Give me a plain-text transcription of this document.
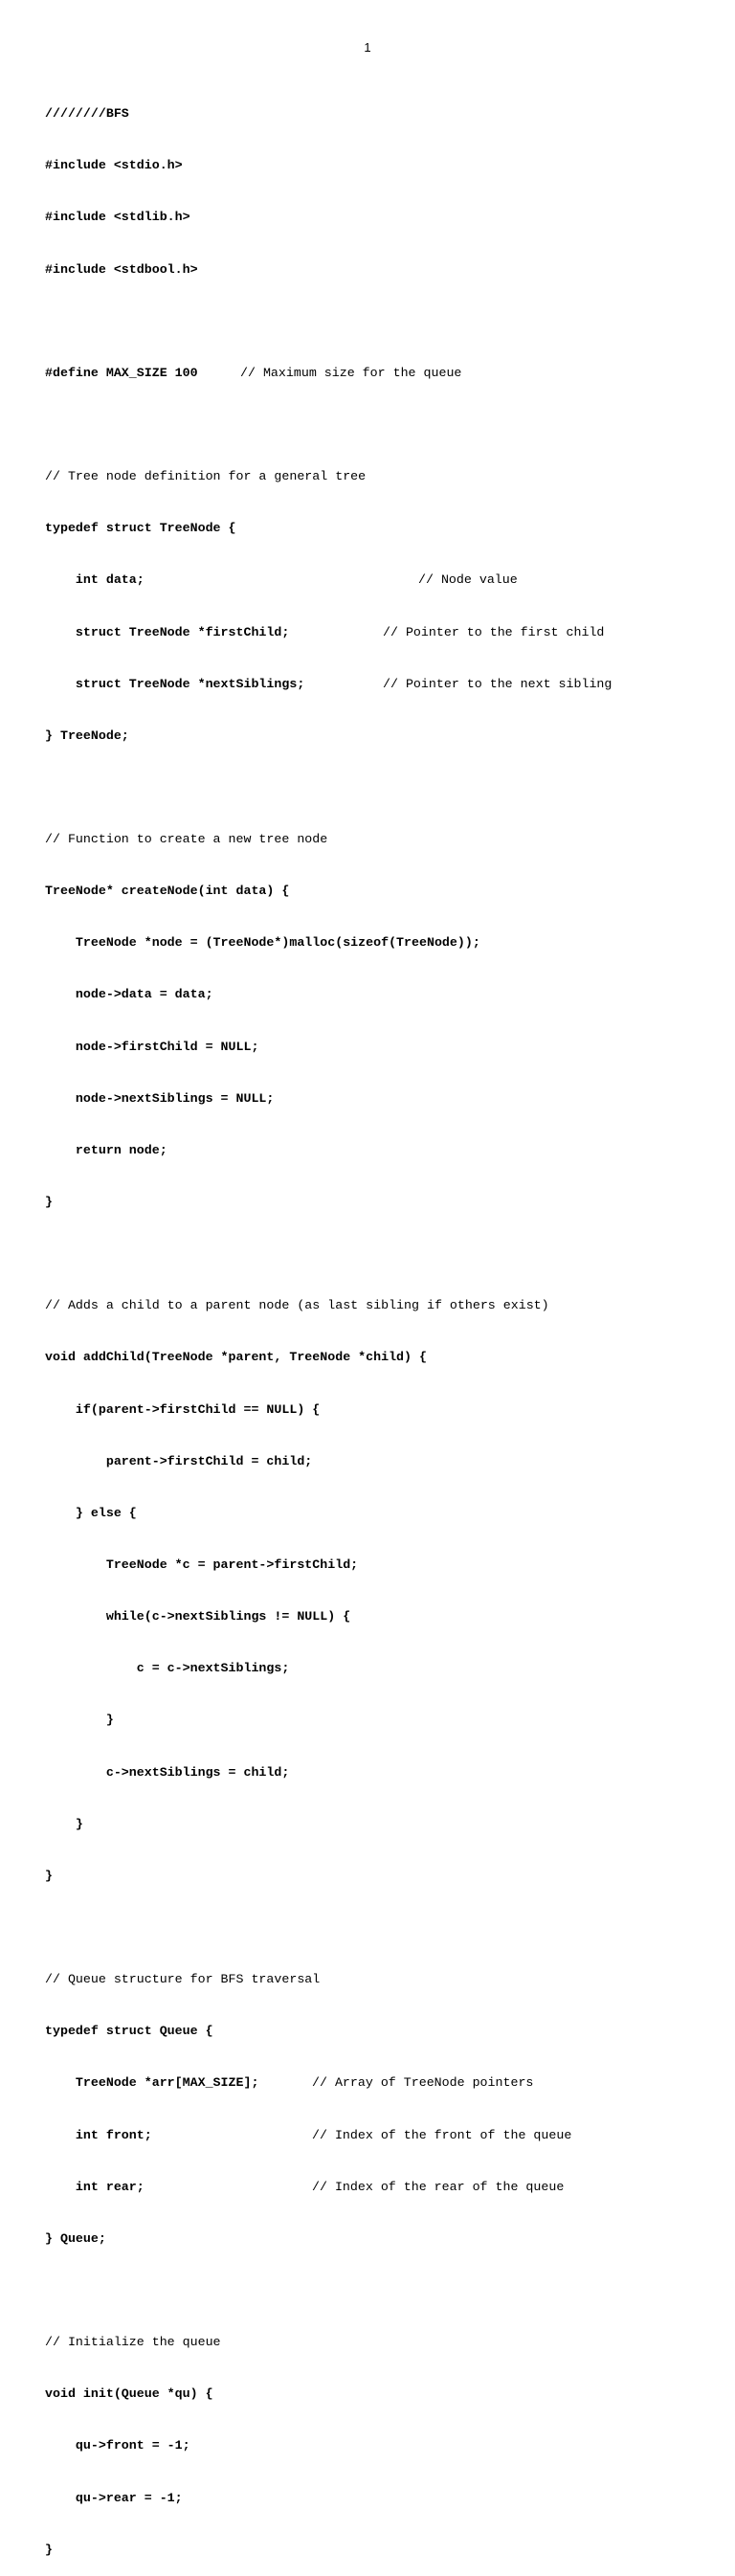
1

////////BFS

#include <stdio.h>

#include <stdlib.h>

#include <stdbool.h>

#define MAX_SIZE 100	// Maximum size for the queue

// Tree node definition for a general tree

typedef struct TreeNode {

int data;	// Node value

struct TreeNode *firstChild;	// Pointer to the first child

struct TreeNode *nextSiblings;	// Pointer to the next sibling

} TreeNode;

// Function to create a new tree node

TreeNode* createNode(int data) {

TreeNode *node = (TreeNode*)malloc(sizeof(TreeNode));

node->data = data;

node->firstChild = NULL;

node->nextSiblings = NULL;

return node;

}

// Adds a child to a parent node (as last sibling if others exist)

void addChild(TreeNode *parent, TreeNode *child) {

if(parent->firstChild == NULL) {

parent->firstChild = child;

} else {

TreeNode *c = parent->firstChild;

while(c->nextSiblings != NULL) {

c = c->nextSiblings;

}

c->nextSiblings = child;

}

}

// Queue structure for BFS traversal

typedef struct Queue {

TreeNode *arr[MAX_SIZE];	// Array of TreeNode pointers

int front;	// Index of the front of the queue

int rear;	// Index of the rear of the queue

} Queue;

// Initialize the queue

void init(Queue *qu) {

qu->front = -1;

qu->rear = -1;

}
